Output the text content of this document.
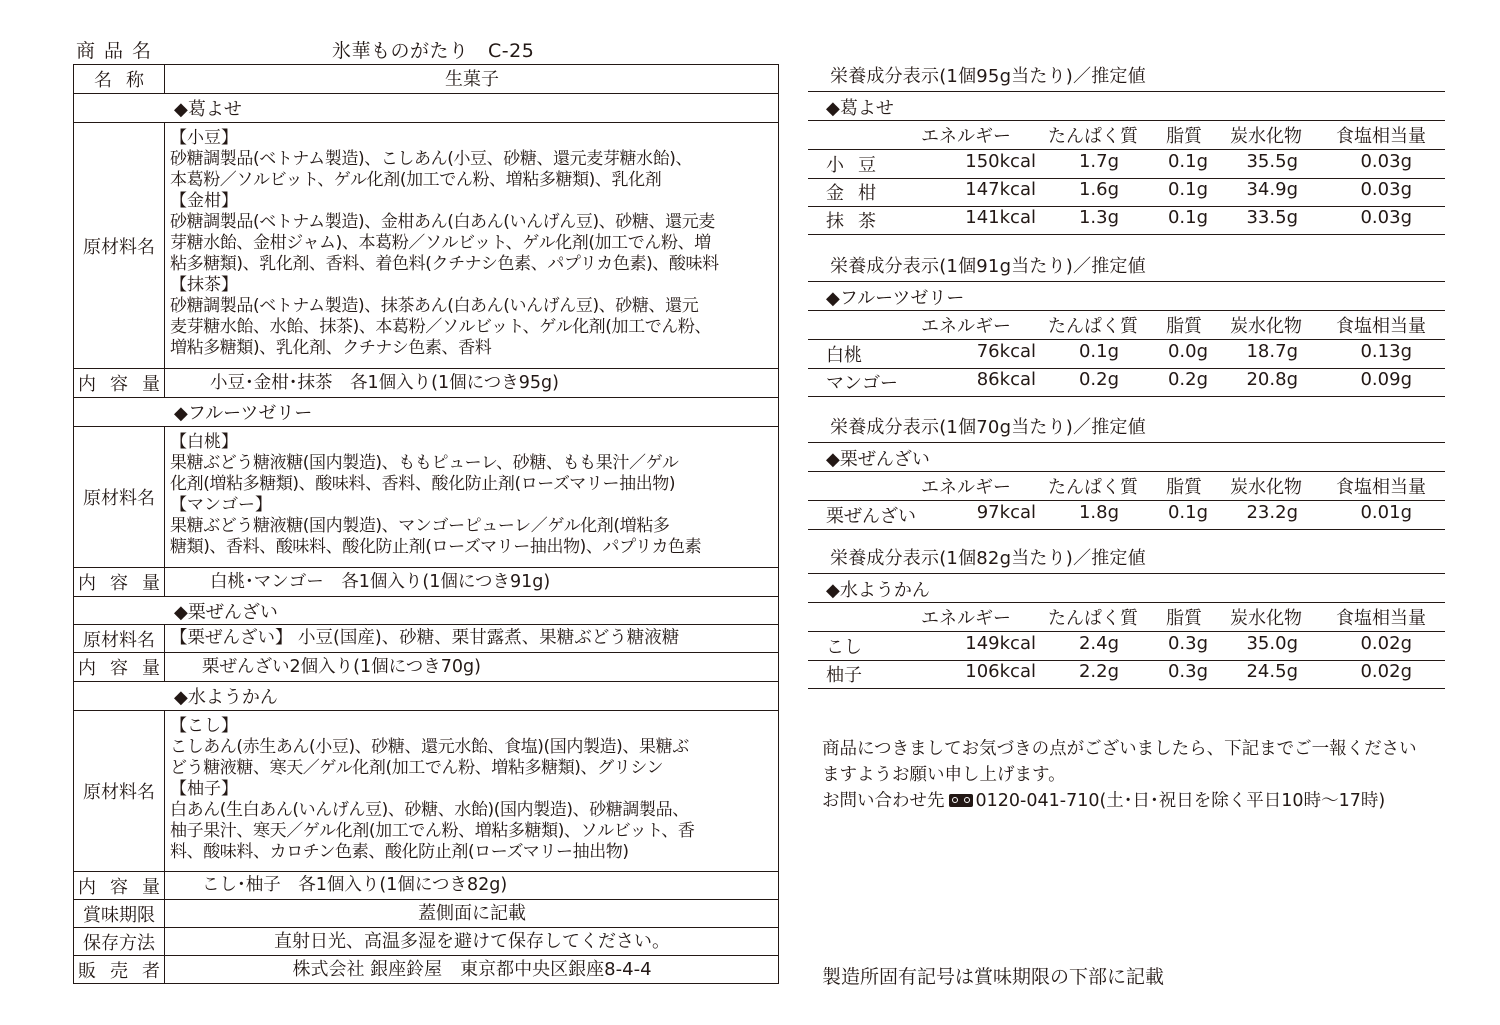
商品名	氷華ものがたり　C-25
名称	生菓子
◆葛よせ
原材料名
【小豆】
砂糖調製品(ベトナム製造)、こしあん(小豆、砂糖、還元麦芽糖水飴)、
本葛粉／ソルビット、ゲル化剤(加工でん粉、増粘多糖類)、乳化剤
【金柑】
砂糖調製品(ベトナム製造)、金柑あん(白あん(いんげん豆)、砂糖、還元麦
芽糖水飴、金柑ジャム)、本葛粉／ソルビット、ゲル化剤(加工でん粉、増
粘多糖類)、乳化剤、香料、着色料(クチナシ色素、パプリカ色素)、酸味料
【抹茶】
砂糖調製品(ベトナム製造)、抹茶あん(白あん(いんげん豆)、砂糖、還元
麦芽糖水飴、水飴、抹茶)、本葛粉／ソルビット、ゲル化剤(加工でん粉、
増粘多糖類)、乳化剤、クチナシ色素、香料
内容量	小豆･金柑･抹茶　各1個入り(1個につき95g)
◆フルーツゼリー
原材料名
【白桃】
果糖ぶどう糖液糖(国内製造)、ももピューレ、砂糖、もも果汁／ゲル
化剤(増粘多糖類)、酸味料、香料、酸化防止剤(ローズマリー抽出物)
【マンゴー】
果糖ぶどう糖液糖(国内製造)、マンゴーピューレ／ゲル化剤(増粘多
糖類)、香料、酸味料、酸化防止剤(ローズマリー抽出物)、パプリカ色素
内容量	白桃･マンゴー　各1個入り(1個につき91g)
◆栗ぜんざい
原材料名 【栗ぜんざい】 小豆(国産)、砂糖、栗甘露煮、果糖ぶどう糖液糖
内容量	栗ぜんざい2個入り(1個につき70g)
◆水ようかん
原材料名
【こし】
こしあん(赤生あん(小豆)、砂糖、還元水飴、食塩)(国内製造)、果糖ぶ
どう糖液糖、寒天／ゲル化剤(加工でん粉、増粘多糖類)、グリシン
【柚子】
白あん(生白あん(いんげん豆)、砂糖、水飴)(国内製造)、砂糖調製品、
柚子果汁、寒天／ゲル化剤(加工でん粉、増粘多糖類)、ソルビット、香
料、酸味料、カロチン色素、酸化防止剤(ローズマリー抽出物)
内容量	こし･柚子　各1個入り(1個につき82g)
賞味期限	蓋側面に記載
保存方法	直射日光、高温多湿を避けて保存してください。
販売者	株式会社 銀座鈴屋　東京都中央区銀座8-4-4
栄養成分表示(1個95g当たり)／推定値
◆葛よせ
エネルギー たんぱく質 脂質 炭水化物 食塩相当量
小豆	150kcal 1.7g	0.1g 35.5g	0.03g
金柑	147kcal 1.6g	0.1g 34.9g	0.03g
抹茶	141kcal 1.3g	0.1g 33.5g	0.03g
栄養成分表示(1個91g当たり)／推定値
◆フルーツゼリー
エネルギー たんぱく質 脂質 炭水化物 食塩相当量
白桃	76kcal 0.1g	0.0g 18.7g	0.13g
マンゴー	86kcal 0.2g	0.2g 20.8g	0.09g
栄養成分表示(1個70g当たり)／推定値
◆栗ぜんざい
エネルギー たんぱく質 脂質 炭水化物 食塩相当量
栗ぜんざい	97kcal 1.8g	0.1g 23.2g	0.01g
栄養成分表示(1個82g当たり)／推定値
◆水ようかん
エネルギー たんぱく質 脂質 炭水化物 食塩相当量
こし	149kcal 2.4g	0.3g 35.0g	0.02g
柚子	106kcal 2.2g	0.3g 24.5g	0.02g
商品につきましてお気づきの点がございましたら、下記までご一報ください
ますようお願い申し上げます。
お問い合わせ先 0120-041-710(土･日･祝日を除く平日10時～17時)
製造所固有記号は賞味期限の下部に記載
